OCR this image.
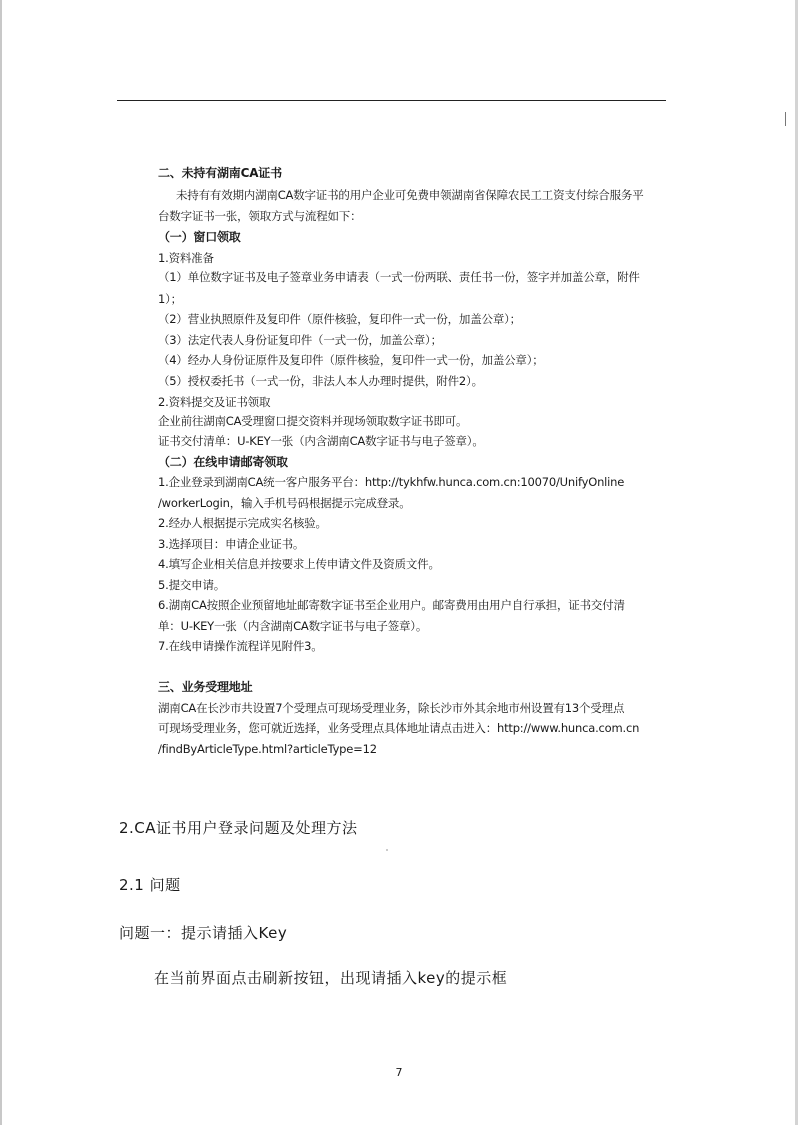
二、未持有湖南CA证书
未持有有效期内湖南CA数字证书的用户企业可免费申领湖南省保障农民工工资支付综合服务平
台数字证书一张，领取方式与流程如下：
（一）窗口领取
1.资料准备
（1）单位数字证书及电子签章业务申请表（一式一份两联、责任书一份，签字并加盖公章，附件
1）；
（2）营业执照原件及复印件（原件核验，复印件一式一份，加盖公章）；
（3）法定代表人身份证复印件（一式一份，加盖公章）；
（4）经办人身份证原件及复印件（原件核验，复印件一式一份，加盖公章）；
（5）授权委托书（一式一份，非法人本人办理时提供，附件2）。
2.资料提交及证书领取
企业前往湖南CA受理窗口提交资料并现场领取数字证书即可。
证书交付清单：U-KEY一张（内含湖南CA数字证书与电子签章）。
（二）在线申请邮寄领取
1.企业登录到湖南CA统一客户服务平台：http://tykhfw.hunca.com.cn:10070/UnifyOnline
/workerLogin，输入手机号码根据提示完成登录。
2.经办人根据提示完成实名核验。
3.选择项目：申请企业证书。
4.填写企业相关信息并按要求上传申请文件及资质文件。
5.提交申请。
6.湖南CA按照企业预留地址邮寄数字证书至企业用户。邮寄费用由用户自行承担，证书交付清
单：U-KEY一张（内含湖南CA数字证书与电子签章）。
7.在线申请操作流程详见附件3。
三、业务受理地址
湖南CA在长沙市共设置7个受理点可现场受理业务，除长沙市外其余地市州设置有13个受理点
可现场受理业务，您可就近选择，业务受理点具体地址请点击进入：http://www.hunca.com.cn
/findByArticleType.html?articleType=12
2.CA证书用户登录问题及处理方法
2.1 问题
问题一：提示请插入Key
在当前界面点击刷新按钮，出现请插入key的提示框
7
